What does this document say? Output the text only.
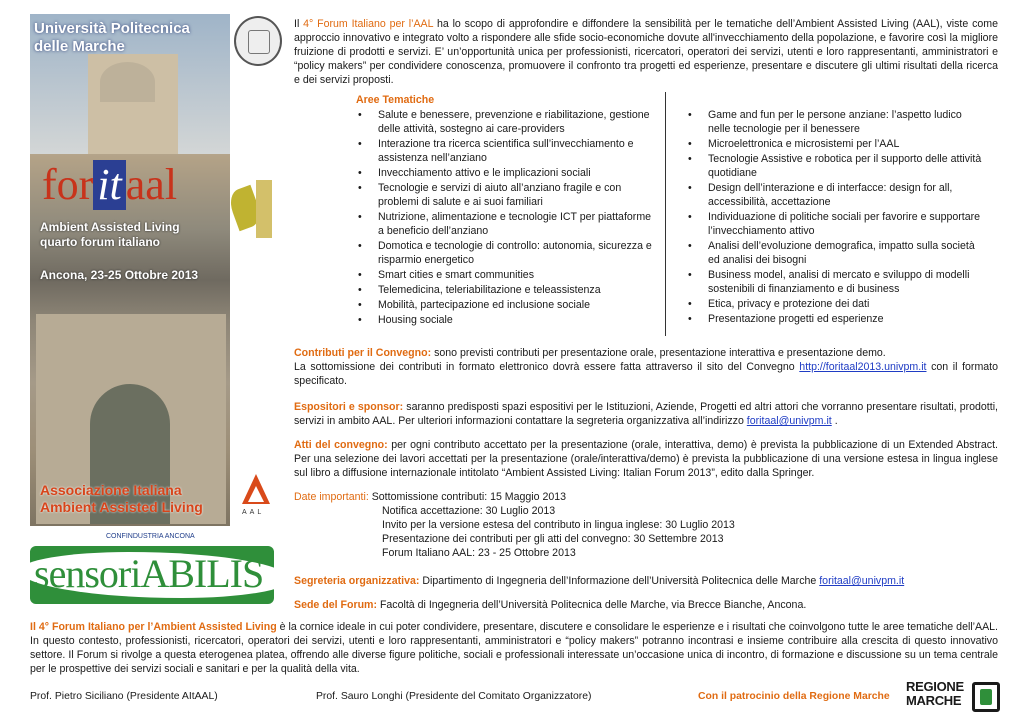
Università Politecnica delle Marche
foritaal
Ambient Assisted Living
quarto forum italiano
Ancona, 23-25 Ottobre 2013
Associazione Italiana
Ambient Assisted Living	AAL
CONFINDUSTRIA ANCONA
sensoriABILIS
Il 4° Forum Italiano per l’AAL ha lo scopo di approfondire e diffondere la sensibilità per le tematiche dell’Ambient Assisted Living (AAL), viste come approccio innovativo e integrato volto a rispondere alle sfide socio-economiche dovute all'invecchiamento della popolazione, e favorire così la migliore fruizione di prodotti e servizi. E’ un’opportunità unica per professionisti, ricercatori, operatori dei servizi, utenti e loro rappresentanti, amministratori e “policy makers” per condividere conoscenza, promuovere il confronto tra progetti ed esperienze, presentare e discutere gli ultimi risultati della ricerca e dei servizi proposti.
Aree Tematiche
• Salute e benessere, prevenzione e riabilitazione, gestione delle attività, sostegno ai care-providers
• Interazione tra ricerca scientifica sull’invecchiamento e assistenza nell’anziano
• Invecchiamento attivo e le implicazioni sociali
• Tecnologie e servizi di aiuto all’anziano fragile e con problemi di salute e ai suoi familiari
• Nutrizione, alimentazione e tecnologie ICT per piattaforme a beneficio dell’anziano
• Domotica e tecnologie di controllo: autonomia, sicurezza e risparmio energetico
• Smart cities e smart communities
• Telemedicina, teleriabilitazione e teleassistenza
• Mobilità, partecipazione ed inclusione sociale
• Housing sociale
• Game and fun per le persone anziane: l’aspetto ludico nelle tecnologie per il benessere
• Microelettronica e microsistemi per l’AAL
• Tecnologie Assistive e robotica per il supporto delle attività quotidiane
• Design dell’interazione e di interfacce: design for all, accessibilità, accettazione
• Individuazione di politiche sociali per favorire e supportare l’invecchiamento attivo
• Analisi dell’evoluzione demografica, impatto sulla società ed analisi dei bisogni
• Business model, analisi di mercato e sviluppo di modelli sostenibili di finanziamento e di business
• Etica, privacy e protezione dei dati
• Presentazione progetti ed esperienze
Contributi per il Convegno: sono previsti contributi per presentazione orale, presentazione interattiva e presentazione demo.
La sottomissione dei contributi in formato elettronico dovrà essere fatta attraverso il sito del Convegno http://foritaal2013.univpm.it con il formato specificato.
Espositori e sponsor: saranno predisposti spazi espositivi per le Istituzioni, Aziende, Progetti ed altri attori che vorranno presentare risultati, prodotti, servizi in ambito AAL. Per ulteriori informazioni contattare la segreteria organizzativa all’indirizzo foritaal@univpm.it .
Atti del convegno: per ogni contributo accettato per la presentazione (orale, interattiva, demo) è prevista la pubblicazione di un Extended Abstract. Per una selezione dei lavori accettati per la presentazione (orale/interattiva/demo) è prevista la pubblicazione di una versione estesa in lingua inglese sul libro a diffusione internazionale intitolato “Ambient Assisted Living: Italian Forum 2013”, edito dalla Springer.
Date importanti: Sottomissione contributi: 15 Maggio 2013
Notifica accettazione: 30 Luglio 2013
Invito per la versione estesa del contributo in lingua inglese: 30 Luglio 2013
Presentazione dei contributi per gli atti del convegno: 30 Settembre 2013
Forum Italiano AAL: 23 - 25 Ottobre 2013
Segreteria organizzativa: Dipartimento di Ingegneria dell’Informazione dell’Università Politecnica delle Marche foritaal@univpm.it
Sede del Forum: Facoltà di Ingegneria dell’Università Politecnica delle Marche, via Brecce Bianche, Ancona.
Il 4° Forum Italiano per l’Ambient Assisted Living è la cornice ideale in cui poter condividere, presentare, discutere e consolidare le esperienze e i risultati che coinvolgono tutte le aree tematiche dell’AAL. In questo contesto, professionisti, ricercatori, operatori dei servizi, utenti e loro rappresentanti, amministratori e “policy makers” potranno incontrasi e insieme contribuire alla crescita di questo innovativo settore. Il Forum si rivolge a questa eterogenea platea, offrendo alle diverse figure politiche, sociali e professionali interessate un’occasione unica di incontro, di formazione e discussione su un tema centrale per le prospettive dei servizi sociali e sanitari e per la qualità della vita.
Prof. Pietro Siciliano (Presidente AItAAL)	Prof. Sauro Longhi (Presidente del Comitato Organizzatore)	Con il patrocinio della Regione Marche
REGIONE
MARCHE
